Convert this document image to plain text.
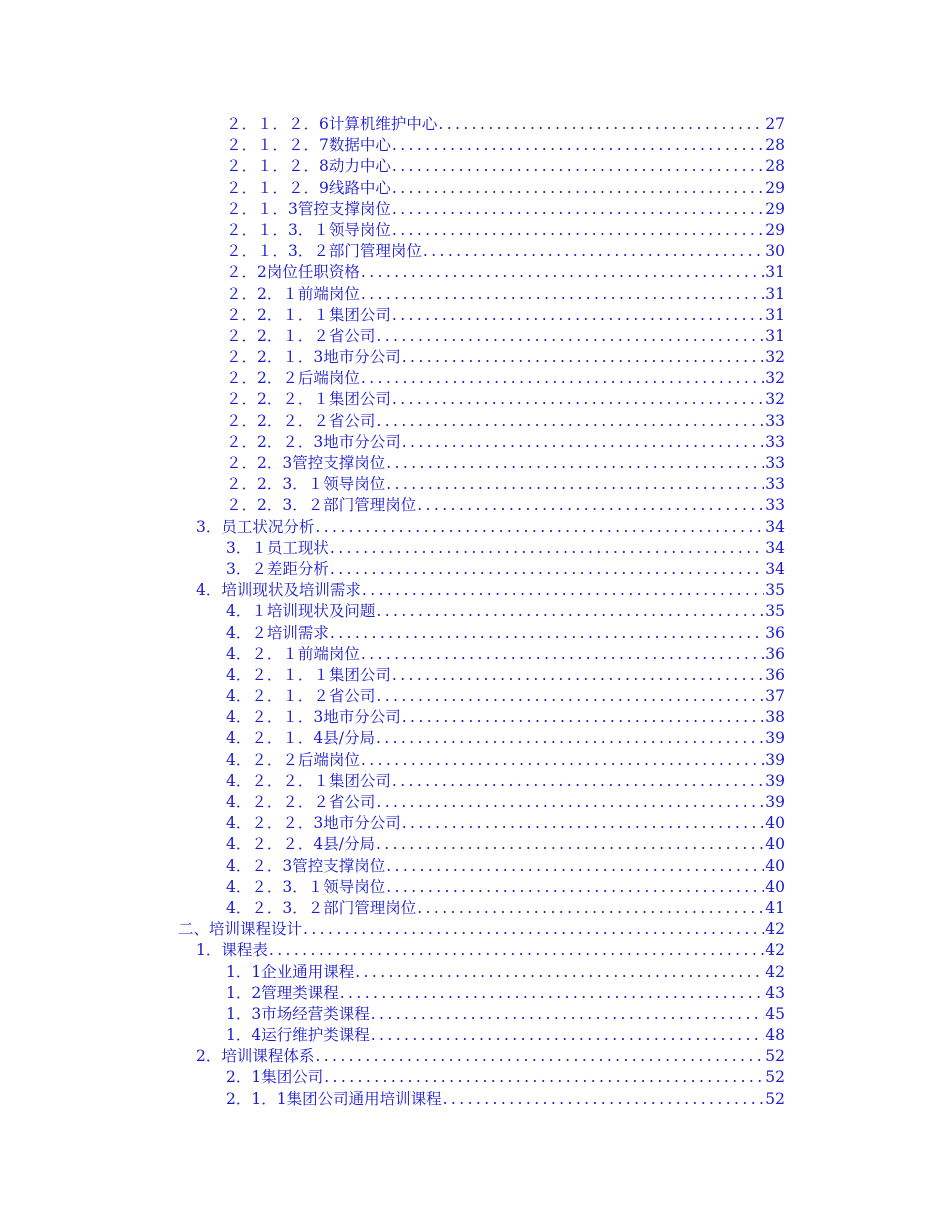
２．１．２．6计算机维护中心 .....	27
２．１．２．7数据中心 .....	28
２．１．２．8动力中心 .....	28
２．１．２．9线路中心 .....	29
２．１．3管控支撑岗位 .....	29
２．１．3．１领导岗位 .....	29
２．１．3．２部门管理岗位 .....	30
２．2岗位任职资格 .....	31
２．2．１前端岗位 .....	31
２．2．１．１集团公司 .....	31
２．2．１．２省公司 .....	31
２．2．１．3地市分公司 .....	32
２．2．２后端岗位 .....	32
２．2．２．１集团公司 .....	32
２．2．２．２省公司 .....	33
２．2．２．3地市分公司 .....	33
２．2．3管控支撑岗位 .....	33
２．2．3．１领导岗位 .....	33
２．2．3．２部门管理岗位 .....	33
3．员工状况分析 .....	34
3．１员工现状 .....	34
3．２差距分析 .....	34
4．培训现状及培训需求 .....	35
4．１培训现状及问题 .....	35
4．２培训需求 .....	36
4．２．１前端岗位 .....	36
4．２．１．１集团公司 .....	36
4．２．１．２省公司 .....	37
4．２．１．3地市分公司 .....	38
4．２．１．4县/分局 .....	39
4．２．２后端岗位 .....	39
4．２．２．１集团公司 .....	39
4．２．２．２省公司 .....	39
4．２．２．3地市分公司 .....	40
4．２．２．4县/分局 .....	40
4．２．3管控支撑岗位 .....	40
4．２．3．１领导岗位 .....	40
4．２．3．２部门管理岗位 .....	41
二、培训课程设计 .....	42
1．课程表 .....	42
1．1企业通用课程 .....	42
1．2管理类课程 .....	43
1．3市场经营类课程 .....	45
1．4运行维护类课程 .....	48
2．培训课程体系 .....	52
2．1集团公司 .....	52
2．1．1集团公司通用培训课程 .....	52
